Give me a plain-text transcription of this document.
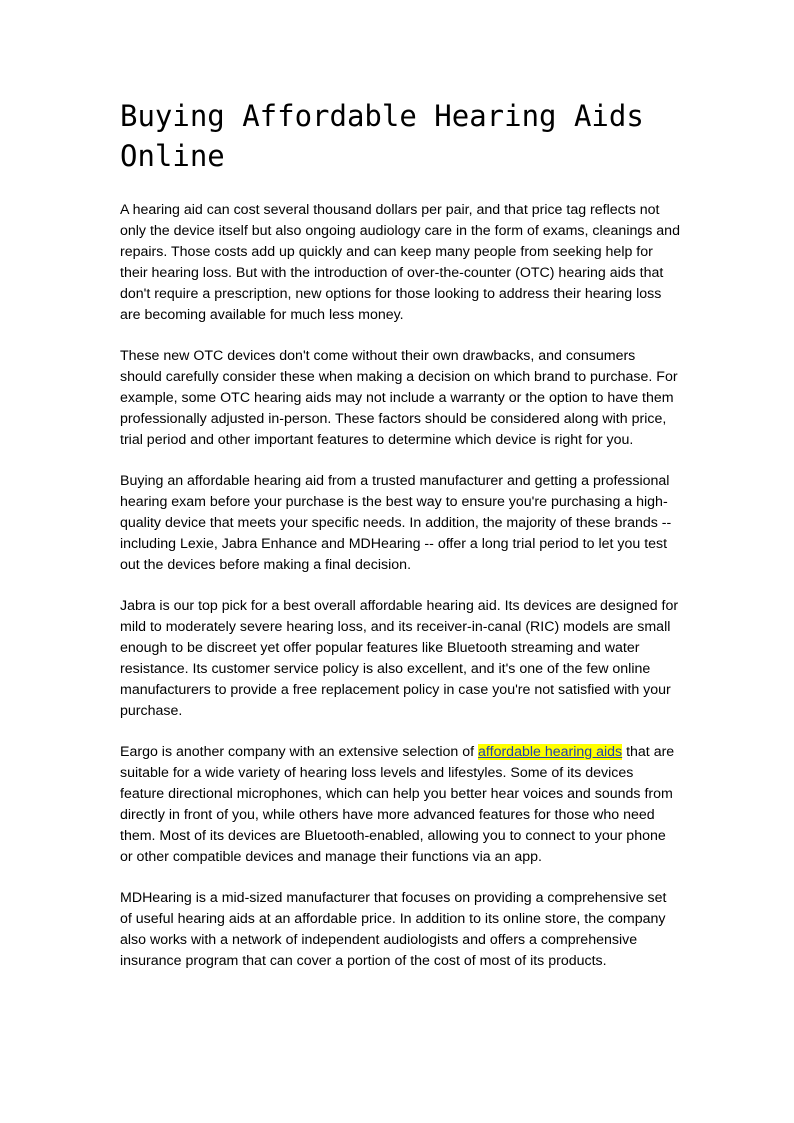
Buying Affordable Hearing Aids Online

A hearing aid can cost several thousand dollars per pair, and that price tag reflects not only the device itself but also ongoing audiology care in the form of exams, cleanings and repairs. Those costs add up quickly and can keep many people from seeking help for their hearing loss. But with the introduction of over-the-counter (OTC) hearing aids that don't require a prescription, new options for those looking to address their hearing loss are becoming available for much less money.

These new OTC devices don't come without their own drawbacks, and consumers should carefully consider these when making a decision on which brand to purchase. For example, some OTC hearing aids may not include a warranty or the option to have them professionally adjusted in-person. These factors should be considered along with price, trial period and other important features to determine which device is right for you.

Buying an affordable hearing aid from a trusted manufacturer and getting a professional hearing exam before your purchase is the best way to ensure you're purchasing a high-quality device that meets your specific needs. In addition, the majority of these brands -- including Lexie, Jabra Enhance and MDHearing -- offer a long trial period to let you test out the devices before making a final decision.

Jabra is our top pick for a best overall affordable hearing aid. Its devices are designed for mild to moderately severe hearing loss, and its receiver-in-canal (RIC) models are small enough to be discreet yet offer popular features like Bluetooth streaming and water resistance. Its customer service policy is also excellent, and it's one of the few online manufacturers to provide a free replacement policy in case you're not satisfied with your purchase.

Eargo is another company with an extensive selection of affordable hearing aids that are suitable for a wide variety of hearing loss levels and lifestyles. Some of its devices feature directional microphones, which can help you better hear voices and sounds from directly in front of you, while others have more advanced features for those who need them. Most of its devices are Bluetooth-enabled, allowing you to connect to your phone or other compatible devices and manage their functions via an app.

MDHearing is a mid-sized manufacturer that focuses on providing a comprehensive set of useful hearing aids at an affordable price. In addition to its online store, the company also works with a network of independent audiologists and offers a comprehensive insurance program that can cover a portion of the cost of most of its products.
